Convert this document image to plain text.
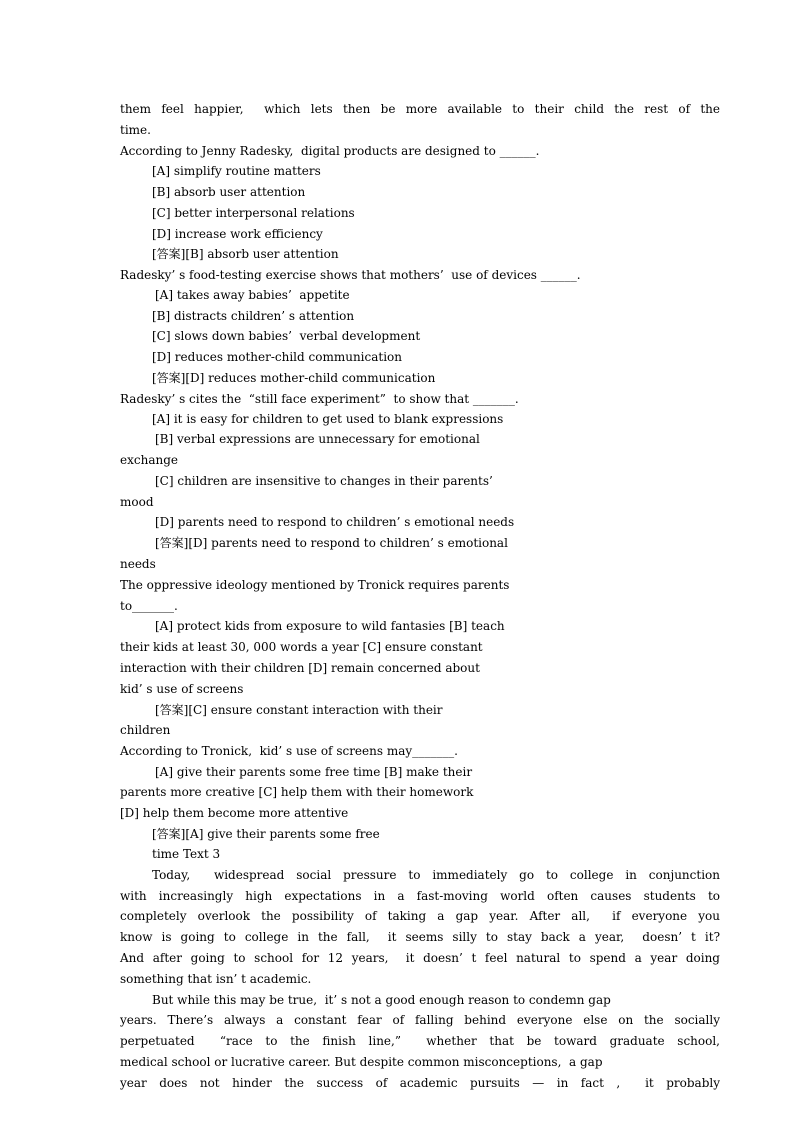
them feel happier,  which lets then be more available to their child the rest of the
time.
According to Jenny Radesky,  digital products are designed to ______.
[A] simplify routine matters
[B] absorb user attention
[C] better interpersonal relations
[D] increase work efficiency
[答案][B] absorb user attention
Radesky’ s food-testing exercise shows that mothers’  use of devices ______.
[A] takes away babies’  appetite
[B] distracts children’ s attention
[C] slows down babies’  verbal development
[D] reduces mother-child communication
[答案][D] reduces mother-child communication
Radesky’ s cites the  “still face experiment”  to show that _______.
[A] it is easy for children to get used to blank expressions
[B] verbal expressions are unnecessary for emotional
exchange
[C] children are insensitive to changes in their parents’
mood
[D] parents need to respond to children’ s emotional needs
[答案][D] parents need to respond to children’ s emotional
needs
The oppressive ideology mentioned by Tronick requires parents
to_______.
[A] protect kids from exposure to wild fantasies [B] teach
their kids at least 30, 000 words a year [C] ensure constant
interaction with their children [D] remain concerned about
kid’ s use of screens
[答案][C] ensure constant interaction with their
children
According to Tronick,  kid’ s use of screens may_______.
[A] give their parents some free time [B] make their
parents more creative [C] help them with their homework
[D] help them become more attentive
[答案][A] give their parents some free
time Text 3
Today,  widespread social pressure to immediately go to college in conjunction
with increasingly high expectations in a fast-moving world often causes students to
completely overlook the possibility of taking a gap year. After all,  if everyone you
know is going to college in the fall,  it seems silly to stay back a year,  doesn’ t it?
And after going to school for 12 years,  it doesn’ t feel natural to spend a year doing
something that isn’ t academic.
But while this may be true,  it’ s not a good enough reason to condemn gap
years. There’s always a constant fear of falling behind everyone else on the socially
perpetuated  “race to the finish line,”  whether that be toward graduate school,
medical school or lucrative career. But despite common misconceptions,  a gap
year does not hinder the success of academic pursuits — in fact ,  it probably
